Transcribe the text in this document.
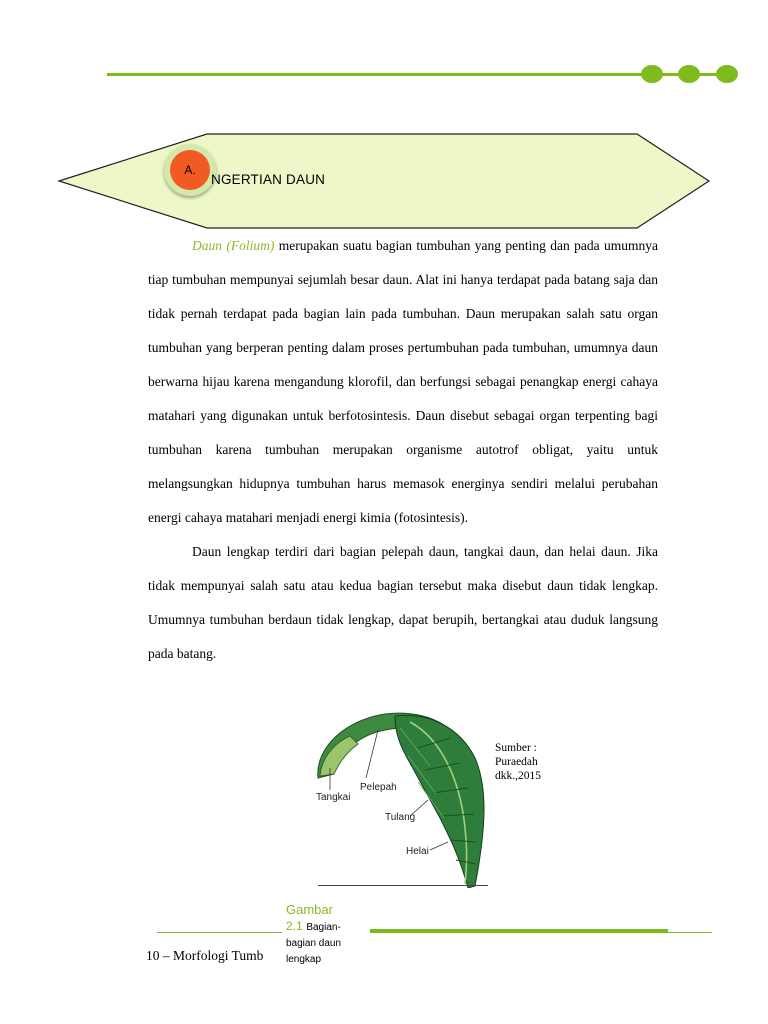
A.
NGERTIAN DAUN

Daun (Folium) merupakan suatu bagian tumbuhan yang penting dan pada umumnya tiap tumbuhan mempunyai sejumlah besar daun. Alat ini hanya terdapat pada batang saja dan tidak pernah terdapat pada bagian lain pada tumbuhan. Daun merupakan salah satu organ tumbuhan yang berperan penting dalam proses pertumbuhan pada tumbuhan, umumnya daun berwarna hijau karena mengandung klorofil, dan berfungsi sebagai penangkap energi cahaya matahari yang digunakan untuk berfotosintesis. Daun disebut sebagai organ terpenting bagi tumbuhan karena tumbuhan merupakan organisme autotrof obligat, yaitu untuk melangsungkan hidupnya tumbuhan harus memasok energinya sendiri melalui perubahan energi cahaya matahari menjadi energi kimia (fotosintesis).

Daun lengkap terdiri dari bagian pelepah daun, tangkai daun, dan helai daun. Jika tidak mempunyai salah satu atau kedua bagian tersebut maka disebut daun tidak lengkap. Umumnya tumbuhan berdaun tidak lengkap, dapat berupih, bertangkai atau duduk langsung pada batang.

Tangkai
Pelepah
Tulang
Helai
Sumber :
Puraedah
dkk.,2015
10 – Morfologi Tumb
Gambar
2.1 Bagian-
bagian daun
lengkap
